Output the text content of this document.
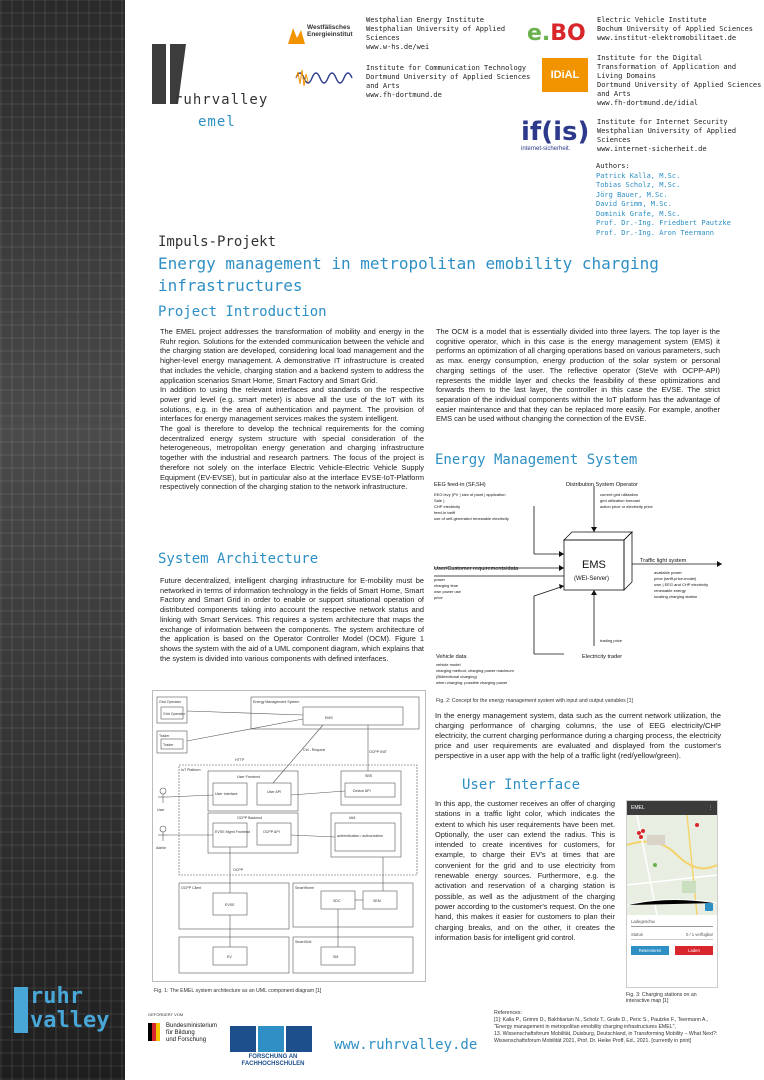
ruhr
valley
ruhrvalley
emel
Westfälisches Energieinstitut
Westphalian Energy Institute
Westphalian University of Applied
Sciences
www.w-hs.de/wei
e.BO
Electric Vehicle Institute
Bochum University of Applied Sciences
www.institut-elektromobilitaet.de
Institute for Communication Technology
Dortmund University of Applied Sciences
and Arts
www.fh-dortmund.de
IDiAL
Institute for the Digital
Transformation of Application and
Living Domains
Dortmund University of Applied Sciences
and Arts
www.fh-dortmund.de/idial
if(is)
internet-sicherheit.
Institute for Internet Security
Westphalian University of Applied
Sciences
www.internet-sicherheit.de
Authors:
Patrick Kalla, M.Sc.
Tobias Scholz, M.Sc.
Jörg Bauer, M.Sc.
David Grimm, M.Sc.
Dominik Grafe, M.Sc.
Prof. Dr.-Ing. Friedbert Pautzke
Prof. Dr.-Ing. Aron Teermann
Impuls-Projekt
Energy management in metropolitan emobility charging infrastructures
Project Introduction
The EMEL project addresses the transformation of mobility and energy in the Ruhr region. Solutions for the extended communication between the vehicle and the charging station are developed, considering local load management and the higher-level energy management. A demonstrative IT infrastructure is created that includes the vehicle, charging station and a backend system to address the application scenarios Smart Home, Smart Factory and Smart Grid.
In addition to using the relevant interfaces and standards on the respective power grid level (e.g. smart meter) is above all the use of the IoT with its solutions, e.g. in the area of authentication and payment. The provision of interfaces for energy management services makes the system intelligent.
The goal is therefore to develop the technical requirements for the coming decentralized energy system structure with special consideration of the heterogeneous, metropolitan energy generation and charging infrastructure together with the industrial and research partners. The focus of the project is therefore not solely on the interface Electric Vehicle-Electric Vehicle Supply Equipment (EV-EVSE), but in particular also at the interface EVSE-IoT-Platform respectively connection of the charging station to the network infrastructure.
System Architecture
Future decentralized, intelligent charging infrastructure for E-mobility must be networked in terms of information technology in the fields of Smart Home, Smart Factory and Smart Grid in order to enable or support situational operation of distributed components taking into account the respective network status and linking with Smart Services. This requires a system architecture that maps the exchange of information between the components. The system architecture of the application is based on the Operator Controller Model (OCM). Figure 1 shows the system with the aid of a UML component diagram, which explains that the system is divided into various components with defined interfaces.
Grid Operator
Grid Operator
Energy Management System
EMS
Trader
Trader
IoT Platform
User Frontend
User Interface	User API
SBS
Device API
OCPP Backend
EVSE Mgmt Frontend	OCPP API
IAM
authentication / authorization
HTTP
OCPP
OCPP Client
EVSE
EV
SmartHome
SDC	SEM
SmartGrid
SM
User
Admin
Ctrl - Request	OCPP INIT
Fig. 1: The EMEL system architecture as an UML component diagram [1]
The OCM is a model that is essentially divided into three layers. The top layer is the cognitive operator, which in this case is the energy management system (EMS) it performs an optimization of all charging operations based on various parameters, such as max. energy consumption, energy production of the solar system or personal charging settings of the user. The reflective operator (SteVe with OCPP-API) represents the middle layer and checks the feasibility of these optimizations and forwards them to the last layer, the controller in this case the EVSE. The strict separation of the individual components within the IoT platform has the advantage of easier maintenance and that they can be replaced more easily. For example, another EMS can be used without changing the connection of the EVSE.
Energy Management System
EMS
(WEI-Server)
EEG feed-in (SF,SH)
EEG levy (PV | size of plant | application
Sale )
CHP electricity
feed-in tariff
use of self-generated renewable electricity
Distribution System Operator
current grid utilization
grid utilization forecast
action price or electricity price
User/Customer requirements/data
power
charging time
own power use
price
Traffic light system
available power
price (tariff-price-model)
own | EEG and CHP electricity
renewable energy
locating charging station
Vehicle data
vehicle model
charging method, charging power maximum
(Bidirectional charging)
when charging: possible charging power
trading price
Electricity trader
Fig. 2: Concept for the energy management system with input and output variables [1]
In the energy management system, data such as the current network utilization, the charging performance of charging columns, the use of EEG electricity/CHP electricity, the current charging performance during a charging process, the electricity price and user requirements are evaluated and displayed from the customer's perspective in a user app with the help of a traffic light (red/yellow/green).
User Interface
In this app, the customer receives an offer of charging stations in a traffic light color, which indicates the extent to which his user requirements have been met. Optionally, the user can extend the radius. This is intended to create incentives for customers, for example, to charge their EV's at times that are convenient for the grid and to use electricity from renewable energy sources. Furthermore, e.g. the activation and reservation of a charging station is possible, as well as the adjustment of the charging power according to the customer's request. On the one hand, this makes it easier for customers to plan their charging breaks, and on the other, it creates the information basis for intelligent grid control.
EMEL	⋮
Ladegeschw.
Status	0 / 1 verfügbar
Reservieren	Laden
Fig. 3: Charging stations on an
interactive map [1]
GEFÖRDERT VOM
Bundesministerium
für Bildung
und Forschung
FORSCHUNG AN
FACHHOCHSCHULEN
www.ruhrvalley.de
References:
[1]: Kalla P., Grimm D., Bakhtiarian N., Scholz T., Grafe D., Peric S., Pautzke F., Teermann A.,
"Energy management in metropolitan emobility charging infrastructures EMEL",
13. Wissenschaftsforum Mobilität, Duisburg, Deutschland, in Transforming Mobility – What Next?:
Wissenschaftsforum Mobilität 2021, Prof. Dr. Heike Proff, Ed., 2021. [currently in print]
